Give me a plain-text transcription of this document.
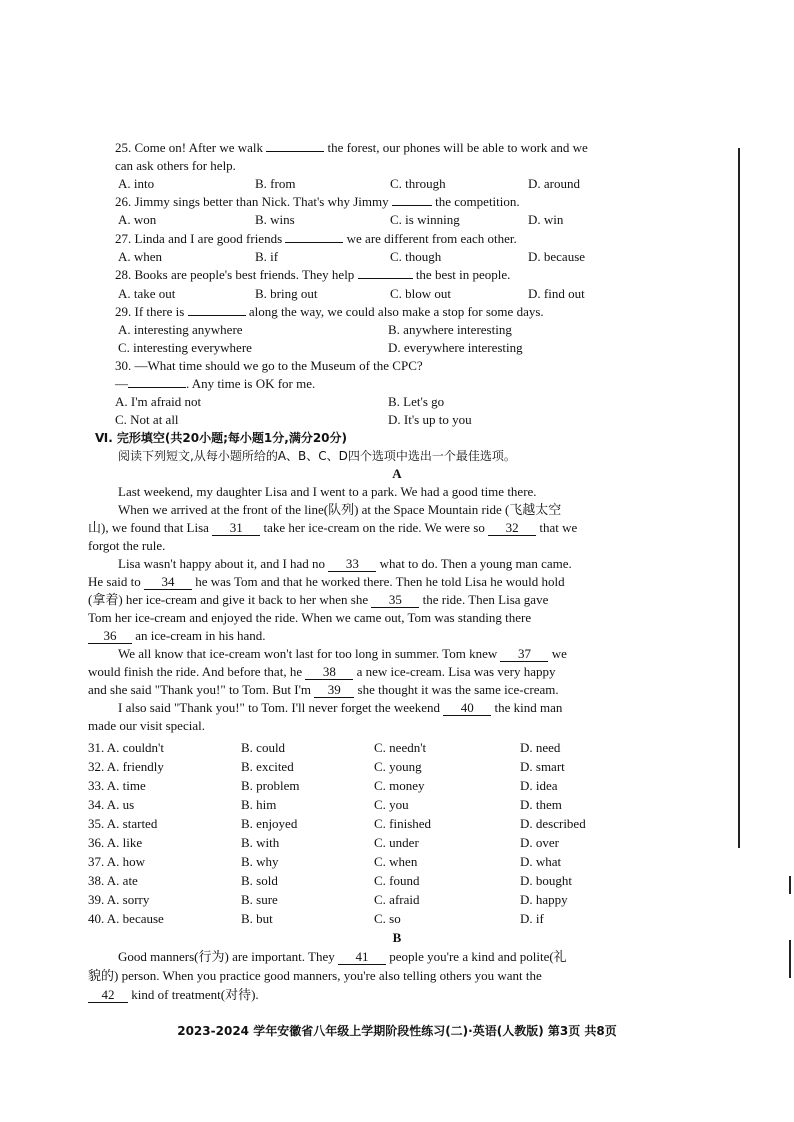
25. Come on! After we walk	the forest, our phones will be able to work and we
can ask others for help.
A. into	B. from	C. through	D. around
26. Jimmy sings better than Nick. That's why Jimmy	the competition.
A. won	B. wins	C. is winning	D. win
27. Linda and I are good friends	we are different from each other.
A. when	B. if	C. though	D. because
28. Books are people's best friends. They help	the best in people.
A. take out	B. bring out	C. blow out	D. find out
29. If there is	along the way, we could also make a stop for some days.
A. interesting anywhere	B. anywhere interesting
C. interesting everywhere	D. everywhere interesting
30. —What time should we go to the Museum of the CPC?
—	. Any time is OK for me.
A. I'm afraid not	B. Let's go
C. Not at all	D. It's up to you
Ⅵ. 完形填空(共20小题;每小题1分,满分20分)
阅读下列短文,从每小题所给的A、B、C、D四个选项中选出一个最佳选项。
A
Last weekend, my daughter Lisa and I went to a park. We had a good time there.
When we arrived at the front of the line(队列) at the Space Mountain ride (飞越太空
山), we found that Lisa 31 take her ice-cream on the ride. We were so 32 that we
forgot the rule.
Lisa wasn't happy about it, and I had no 33 what to do. Then a young man came.
He said to 34 he was Tom and that he worked there. Then he told Lisa he would hold
(拿着) her ice-cream and give it back to her when she 35 the ride. Then Lisa gave
Tom her ice-cream and enjoyed the ride. When we came out, Tom was standing there
36 an ice-cream in his hand.
We all know that ice-cream won't last for too long in summer. Tom knew 37 we
would finish the ride. And before that, he 38 a new ice-cream. Lisa was very happy
and she said "Thank you!" to Tom. But I'm 39 she thought it was the same ice-cream.
I also said "Thank you!" to Tom. I'll never forget the weekend 40 the kind man
made our visit special.
31. A. couldn't	B. could	C. needn't	D. need
32. A. friendly	B. excited	C. young	D. smart
33. A. time	B. problem	C. money	D. idea
34. A. us	B. him	C. you	D. them
35. A. started	B. enjoyed	C. finished	D. described
36. A. like	B. with	C. under	D. over
37. A. how	B. why	C. when	D. what
38. A. ate	B. sold	C. found	D. bought
39. A. sorry	B. sure	C. afraid	D. happy
40. A. because	B. but	C. so	D. if
B
Good manners(行为) are important. They 41 people you're a kind and polite(礼
貌的) person. When you practice good manners, you're also telling others you want the
42 kind of treatment(对待).
2023-2024 学年安徽省八年级上学期阶段性练习(二)·英语(人教版) 第3页 共8页
